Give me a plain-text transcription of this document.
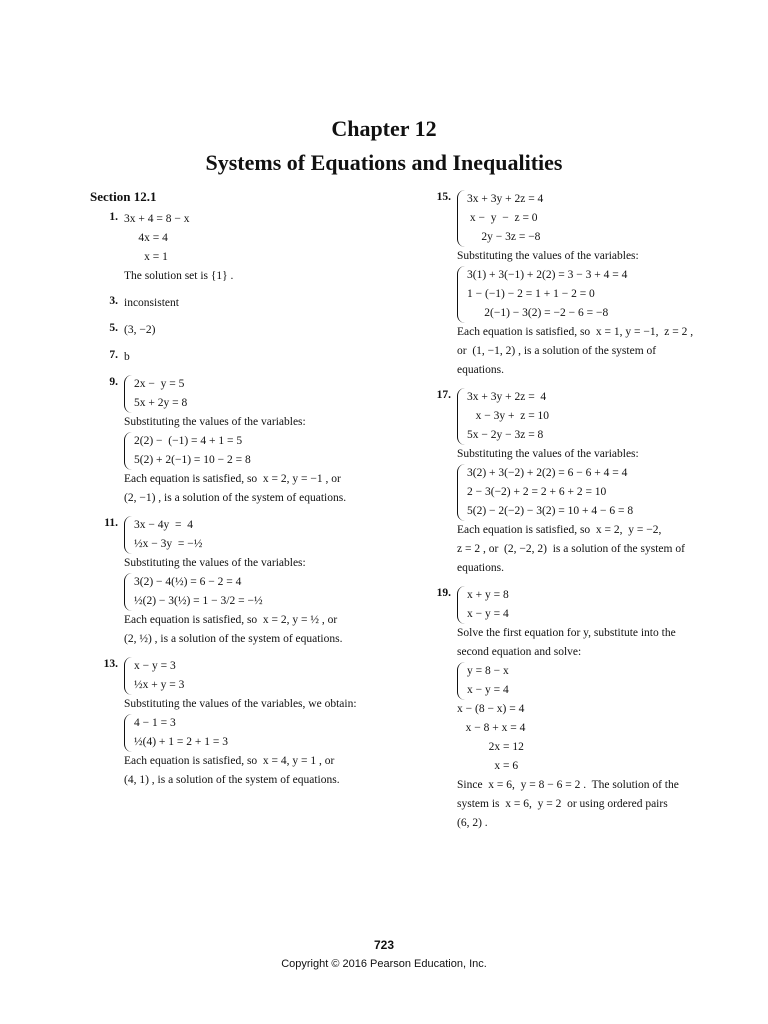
Chapter 12
Systems of Equations and Inequalities
Section 12.1
1. 3x + 4 = 8 − x
4x = 4
x = 1
The solution set is {1} .
3. inconsistent
5. (3, −2)
7. b
9. 2x −  y = 5
5x + 2y = 8
Substituting the values of the variables:
2(2) −  (−1) = 4 + 1 = 5
5(2) + 2(−1) = 10 − 2 = 8
Each equation is satisfied, so  x = 2, y = −1 , or
(2, −1) , is a solution of the system of equations.
11. 3x − 4y  =  4
½x − 3y  = −½
Substituting the values of the variables:
3(2) − 4(½) = 6 − 2 = 4
½(2) − 3(½) = 1 − 3/2 = −½
Each equation is satisfied, so  x = 2, y = ½ , or
(2, ½) , is a solution of the system of equations.
13. x − y = 3
½x + y = 3
Substituting the values of the variables, we obtain:
4 − 1 = 3
½(4) + 1 = 2 + 1 = 3
Each equation is satisfied, so  x = 4, y = 1 , or
(4, 1) , is a solution of the system of equations.
15. 3x + 3y + 2z = 4
x −  y  −  z = 0
2y − 3z = −8
Substituting the values of the variables:
3(1) + 3(−1) + 2(2) = 3 − 3 + 4 = 4
1 − (−1) − 2 = 1 + 1 − 2 = 0
2(−1) − 3(2) = −2 − 6 = −8
Each equation is satisfied, so  x = 1, y = −1,  z = 2 ,
or  (1, −1, 2) , is a solution of the system of
equations.
17. 3x + 3y + 2z =  4
x − 3y +  z = 10
5x − 2y − 3z = 8
Substituting the values of the variables:
3(2) + 3(−2) + 2(2) = 6 − 6 + 4 = 4
2 − 3(−2) + 2 = 2 + 6 + 2 = 10
5(2) − 2(−2) − 3(2) = 10 + 4 − 6 = 8
Each equation is satisfied, so  x = 2,  y = −2,
z = 2 , or  (2, −2, 2)  is a solution of the system of
equations.
19. x + y = 8
x − y = 4
Solve the first equation for y, substitute into the
second equation and solve:
y = 8 − x
x − y = 4
x − (8 − x) = 4
x − 8 + x = 4
2x = 12
x = 6
Since  x = 6,  y = 8 − 6 = 2 .  The solution of the
system is  x = 6,  y = 2  or using ordered pairs
(6, 2) .
723
Copyright © 2016 Pearson Education, Inc.
